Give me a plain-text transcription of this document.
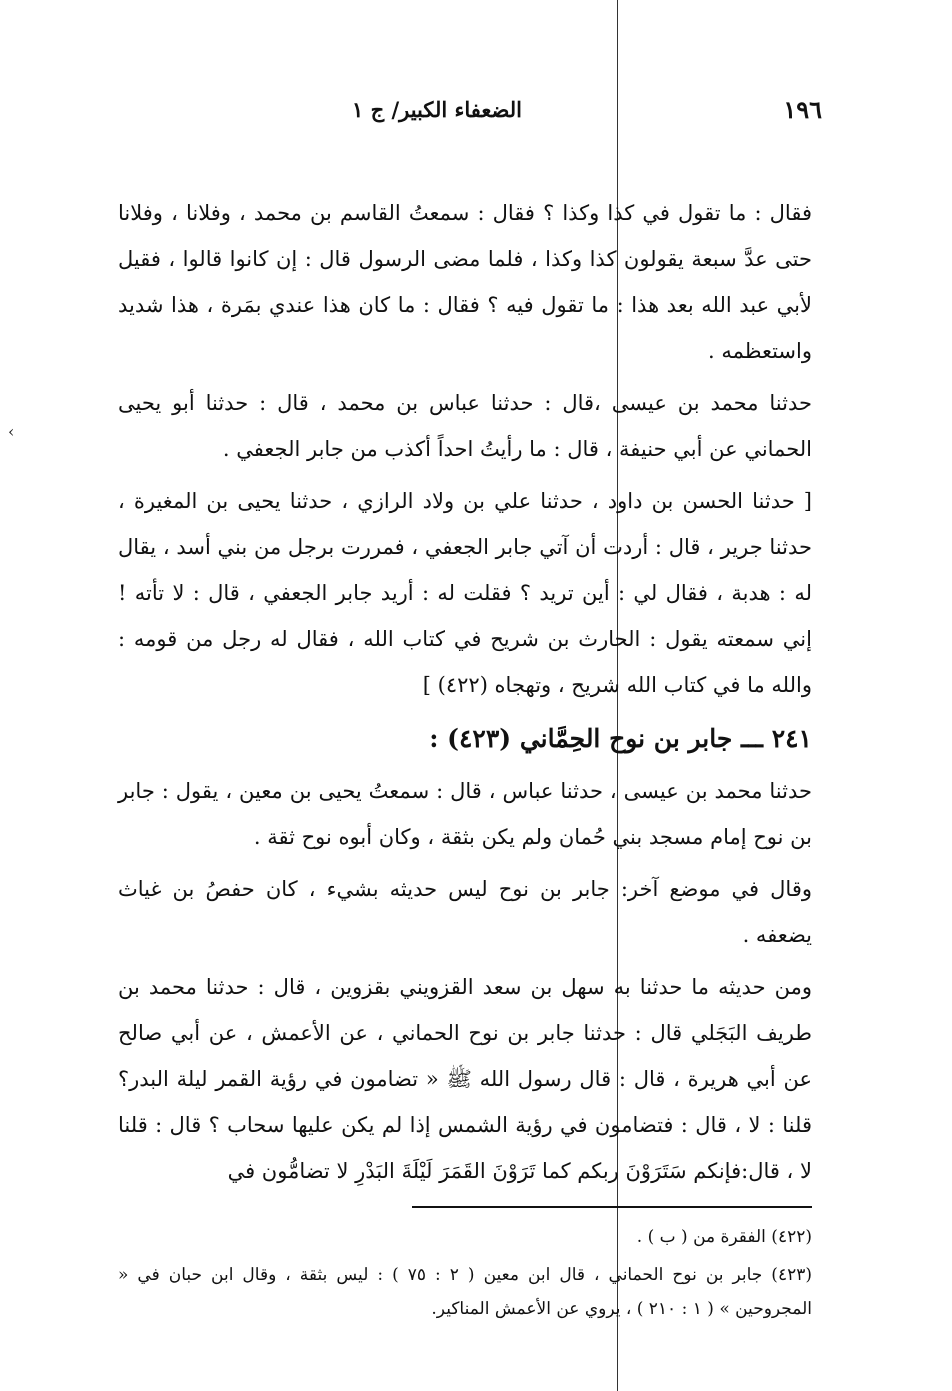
‹
١٩٦
الضعفاء الكبير/ ج ١

فقال : ما تقول في كذا وكذا ؟ فقال : سمعتُ القاسم بن محمد ، وفلانا ، وفلانا حتى عدَّ سبعة يقولون كذا وكذا ، فلما مضى الرسول قال : إن كانوا قالوا ، فقيل لأبي عبد الله بعد هذا : ما تقول فيه ؟ فقال : ما كان هذا عندي بمَرة ، هذا شديد واستعظمه .

حدثنا محمد بن عيسى ،قال : حدثنا عباس بن محمد ، قال : حدثنا أبو يحيى الحماني عن أبي حنيفة ، قال : ما رأيتُ احداً أكذب من جابر الجعفي .

[ حدثنا الحسن بن داود ، حدثنا علي بن ولاد الرازي ، حدثنا يحيى بن المغيرة ، حدثنا جرير ، قال : أردت أن آتي جابر الجعفي ، فمررت برجل من بني أسد ، يقال له : هدبة ، فقال لي : أين تريد ؟ فقلت له : أريد جابر الجعفي ، قال : لا تأته ! إني سمعته يقول : الحارث بن شريح في كتاب الله ، فقال له رجل من قومه : والله ما في كتاب الله شريح ، وتهجاه (٤٢٢) ]

٢٤١ ـــ جابر بن نوح الحِمَّاني (٤٢٣) :

حدثنا محمد بن عيسى ، حدثنا عباس ، قال : سمعتُ يحيى بن معين ، يقول : جابر بن نوح إمام مسجد بني حُمان ولم يكن بثقة ، وكان أبوه نوح ثقة .

وقال في موضع آخر: جابر بن نوح ليس حديثه بشيء ، كان حفصُ بن غياث يضعفه .

ومن حديثه ما حدثنا به سهل بن سعد القزويني بقزوين ، قال : حدثنا محمد بن طريف البَجَلي قال : حدثنا جابر بن نوح الحماني ، عن الأعمش ، عن أبي صالح عن أبي هريرة ، قال : قال رسول الله ﷺ « تضامون في رؤية القمر ليلة البدر؟ قلنا : لا ، قال : فتضامون في رؤية الشمس إذا لم يكن عليها سحاب ؟ قال : قلنا لا ، قال:فإنكم سَتَرَوْنَ ربكم كما تَرَوْنَ القَمَرَ لَيْلَةَ البَدْرِ لا تضامُّون في

(٤٢٢) الفقرة من ( ب ) .

(٤٢٣) جابر بن نوح الحماني ، قال ابن معين ( ٢ : ٧٥ ) : ليس بثقة ، وقال ابن حبان في « المجروحين » ( ١ : ٢١٠ ) ، يروي عن الأعمش المناكير.
